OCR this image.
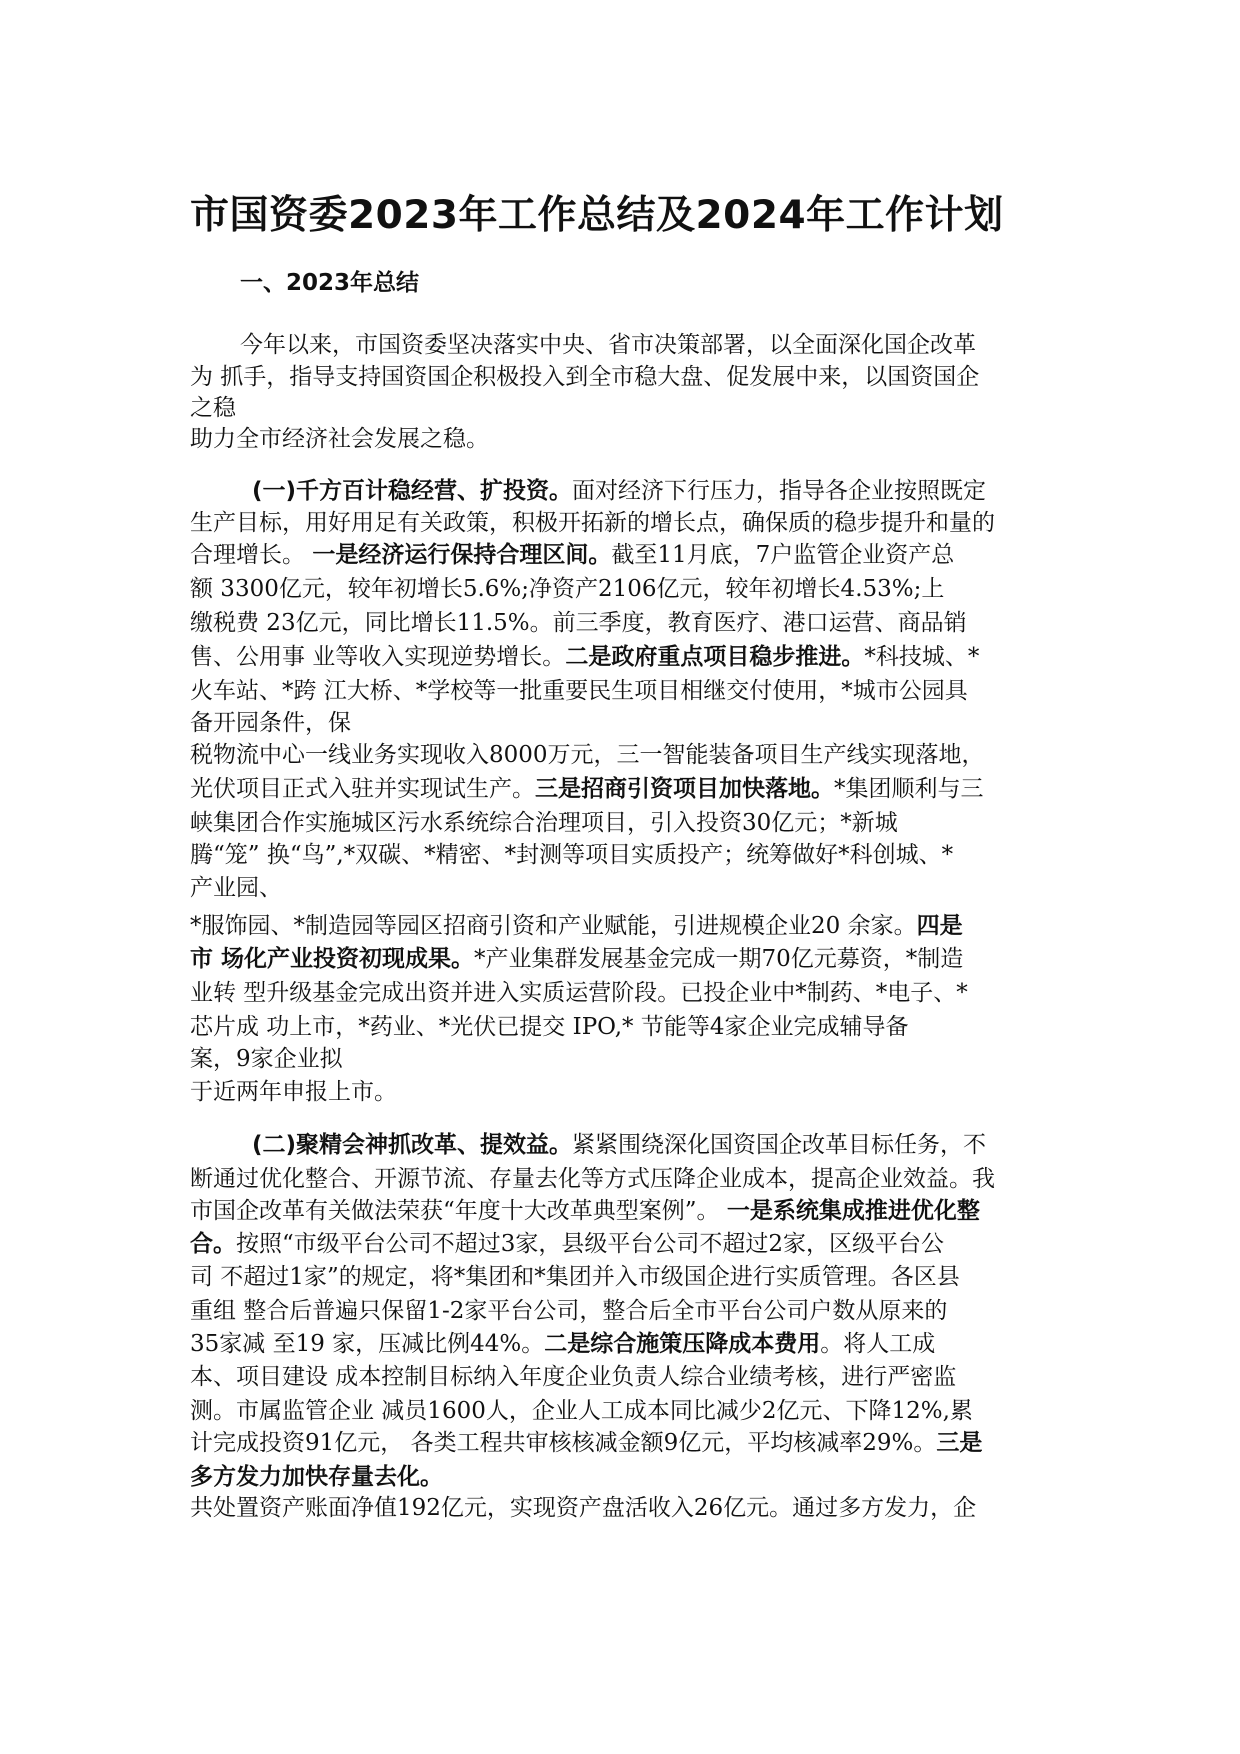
市国资委2023年工作总结及2024年工作计划
一、2023年总结
今年以来，市国资委坚决落实中央、省市决策部署，以全面深化国企改革
为 抓手，指导支持国资国企积极投入到全市稳大盘、促发展中来，以国资国企
之稳
助力全市经济社会发展之稳。
(一)千方百计稳经营、扩投资。面对经济下行压力，指导各企业按照既定
生产目标，用好用足有关政策，积极开拓新的增长点，确保质的稳步提升和量的
合理增长。 一是经济运行保持合理区间。截至11月底，7户监管企业资产总
额 3300亿元，较年初增长5.6%;净资产2106亿元，较年初增长4.53%;上
缴税费 23亿元，同比增长11.5%。前三季度，教育医疗、港口运营、商品销
售、公用事 业等收入实现逆势增长。二是政府重点项目稳步推进。*科技城、*
火车站、*跨 江大桥、*学校等一批重要民生项目相继交付使用，*城市公园具
备开园条件，保
税物流中心一线业务实现收入8000万元，三一智能装备项目生产线实现落地，
光伏项目正式入驻并实现试生产。三是招商引资项目加快落地。*集团顺利与三
峡集团合作实施城区污水系统综合治理项目，引入投资30亿元；*新城
腾“笼” 换“鸟”,*双碳、*精密、*封测等项目实质投产；统筹做好*科创城、*
产业园、
*服饰园、*制造园等园区招商引资和产业赋能，引进规模企业20 余家。四是
市 场化产业投资初现成果。*产业集群发展基金完成一期70亿元募资，*制造
业转 型升级基金完成出资并进入实质运营阶段。已投企业中*制药、*电子、*
芯片成 功上市，*药业、*光伏已提交 IPO,* 节能等4家企业完成辅导备
案，9家企业拟
于近两年申报上市。
(二)聚精会神抓改革、提效益。紧紧围绕深化国资国企改革目标任务，不
断通过优化整合、开源节流、存量去化等方式压降企业成本，提高企业效益。我
市国企改革有关做法荣获“年度十大改革典型案例”。 一是系统集成推进优化整
合。按照“市级平台公司不超过3家，县级平台公司不超过2家，区级平台公
司 不超过1家”的规定，将*集团和*集团并入市级国企进行实质管理。各区县
重组 整合后普遍只保留1-2家平台公司，整合后全市平台公司户数从原来的
35家减 至19 家，压减比例44%。二是综合施策压降成本费用。将人工成
本、项目建设 成本控制目标纳入年度企业负责人综合业绩考核，进行严密监
测。市属监管企业 减员1600人，企业人工成本同比减少2亿元、下降12%,累
计完成投资91亿元， 各类工程共审核核减金额9亿元，平均核减率29%。三是
多方发力加快存量去化。
共处置资产账面净值192亿元，实现资产盘活收入26亿元。通过多方发力，企
